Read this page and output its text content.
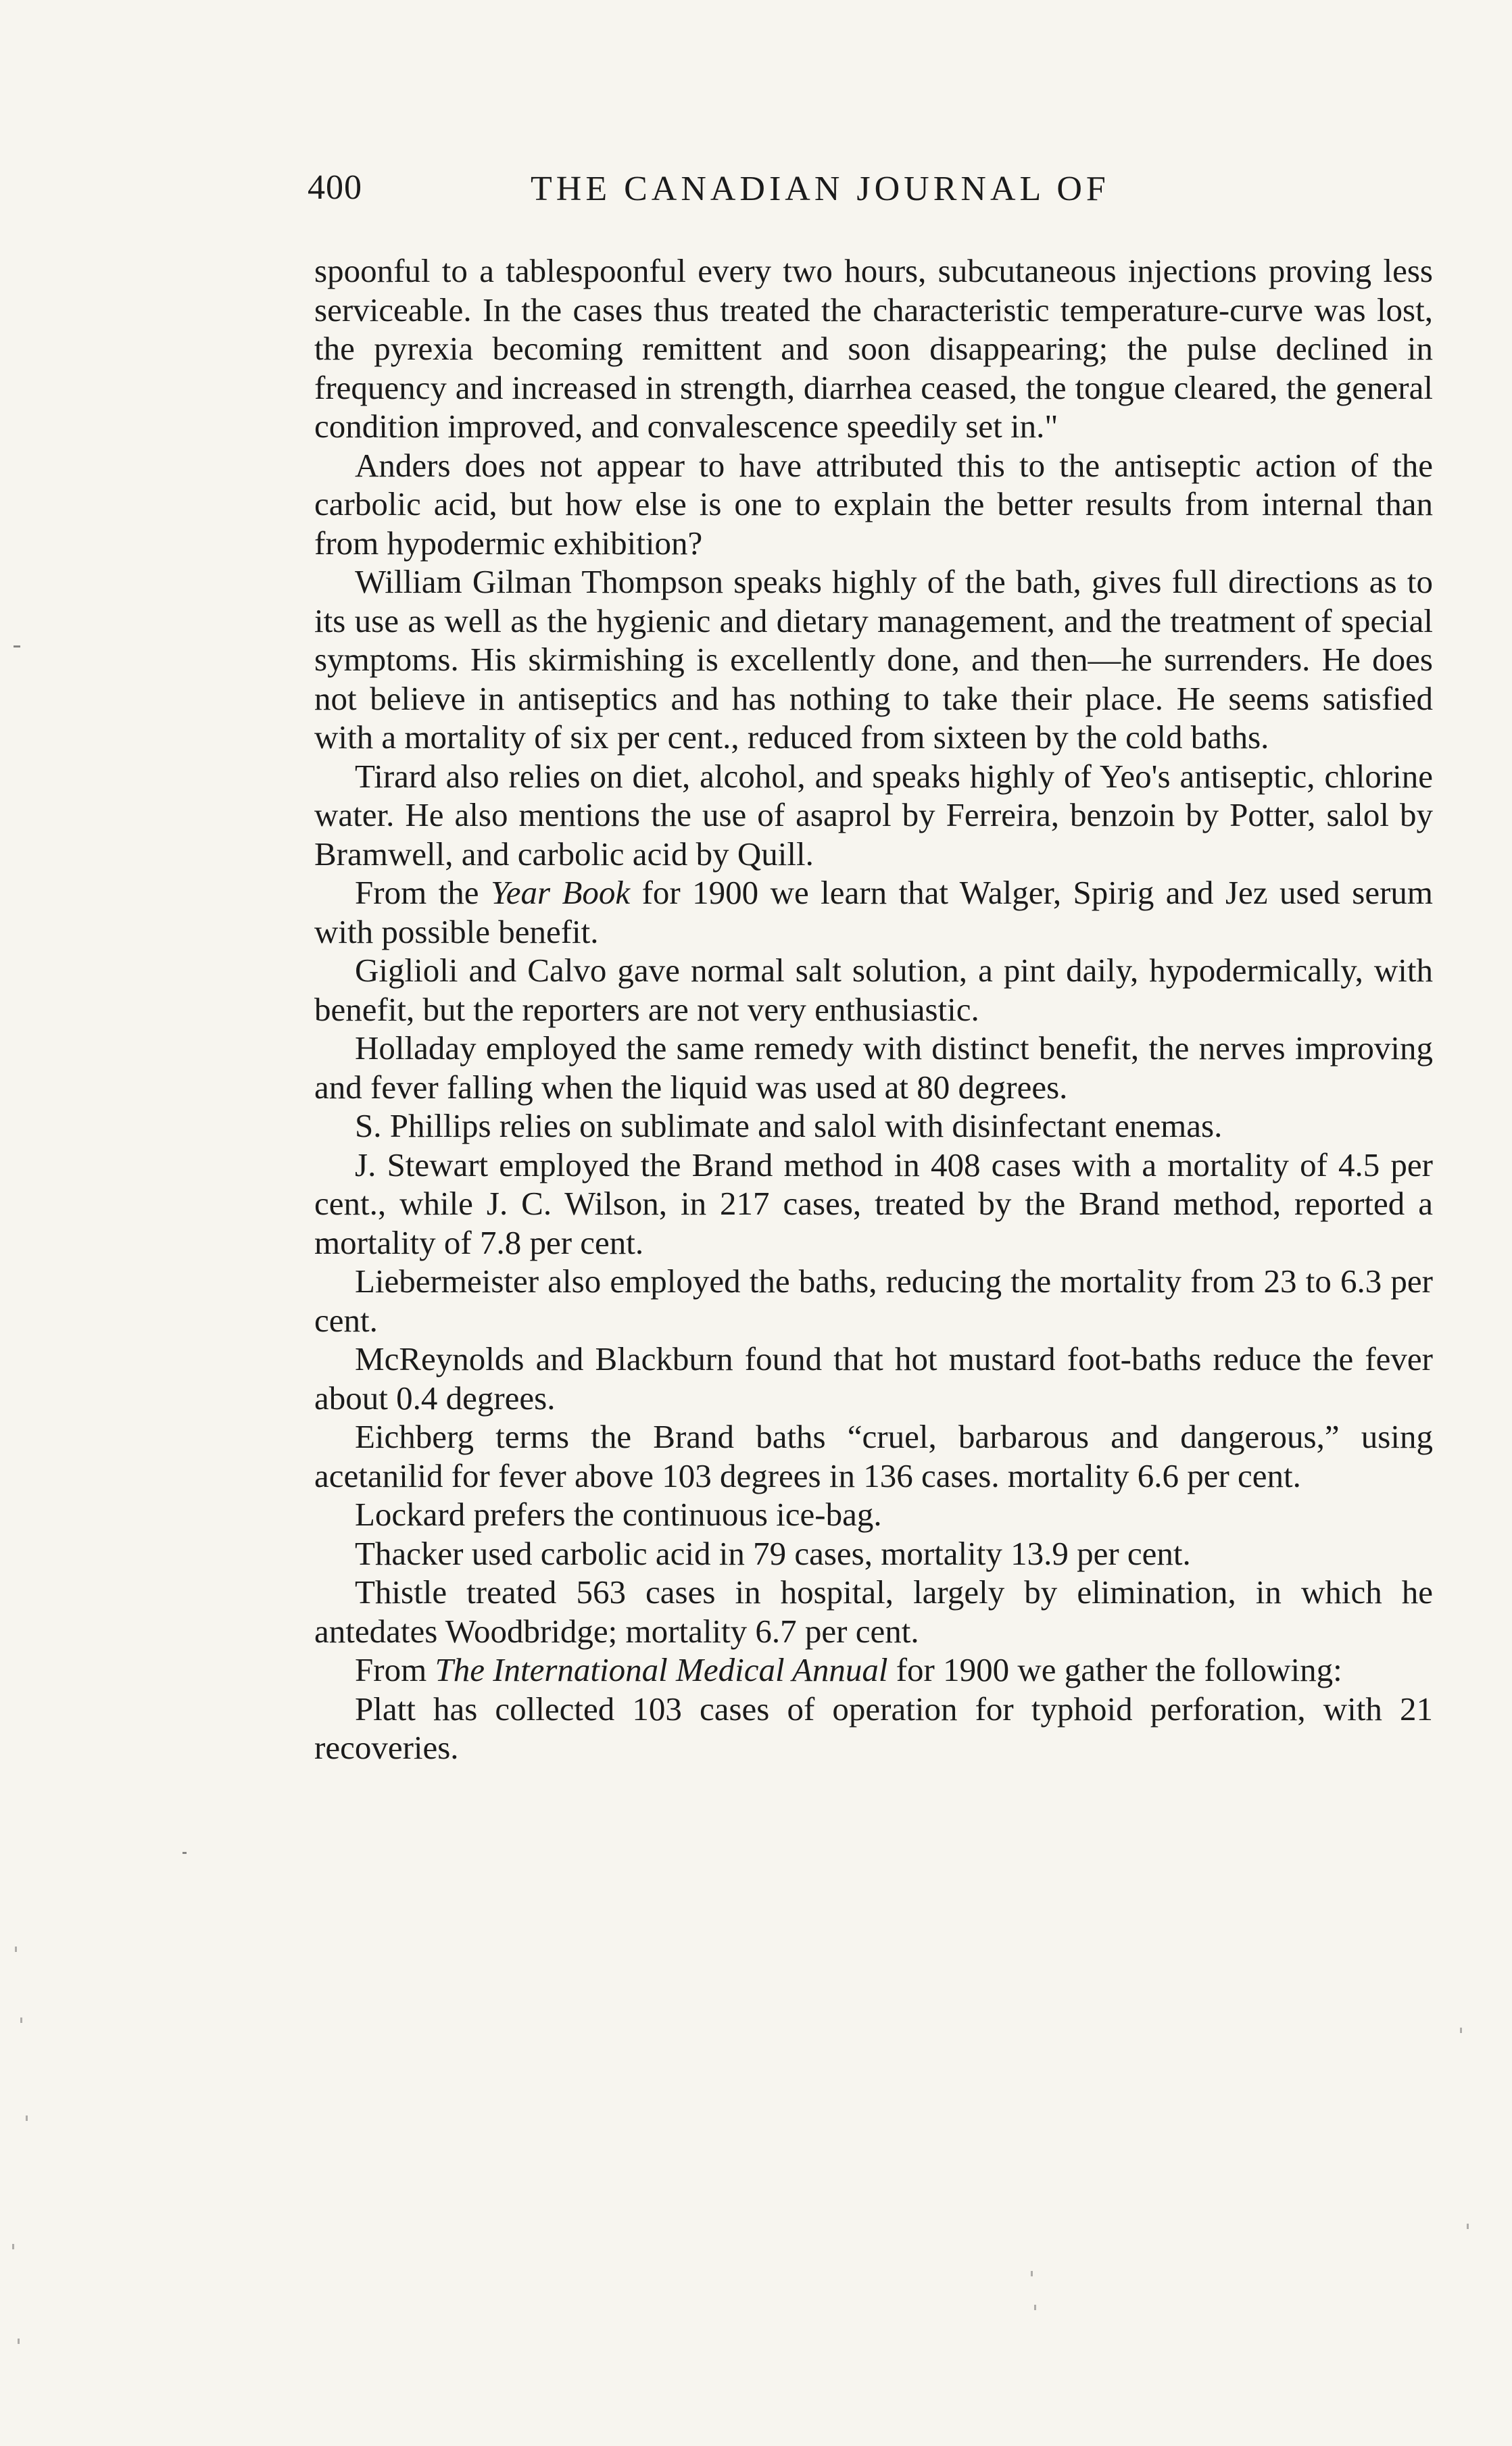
400	THE CANADIAN JOURNAL OF

spoonful to a tablespoonful every two hours, subcutaneous injections proving less serviceable. In the cases thus treated the characteristic temperature-curve was lost, the pyrexia becoming remittent and soon disappearing; the pulse declined in frequency and increased in strength, diarrhea ceased, the tongue cleared, the general condition improved, and convalescence speedily set in."

Anders does not appear to have attributed this to the antiseptic action of the carbolic acid, but how else is one to explain the better results from internal than from hypodermic exhibition?

William Gilman Thompson speaks highly of the bath, gives full directions as to its use as well as the hygienic and dietary management, and the treatment of special symptoms. His skirmishing is excellently done, and then—he surrenders. He does not believe in antiseptics and has nothing to take their place. He seems satisfied with a mortality of six per cent., reduced from sixteen by the cold baths.

Tirard also relies on diet, alcohol, and speaks highly of Yeo's antiseptic, chlorine water. He also mentions the use of asaprol by Ferreira, benzoin by Potter, salol by Bramwell, and carbolic acid by Quill.

From the Year Book for 1900 we learn that Walger, Spirig and Jez used serum with possible benefit.

Giglioli and Calvo gave normal salt solution, a pint daily, hypodermically, with benefit, but the reporters are not very enthusiastic.

Holladay employed the same remedy with distinct benefit, the nerves improving and fever falling when the liquid was used at 80 degrees.

S. Phillips relies on sublimate and salol with disinfectant enemas.

J. Stewart employed the Brand method in 408 cases with a mortality of 4.5 per cent., while J. C. Wilson, in 217 cases, treated by the Brand method, reported a mortality of 7.8 per cent.

Liebermeister also employed the baths, reducing the mortality from 23 to 6.3 per cent.

McReynolds and Blackburn found that hot mustard foot-baths reduce the fever about 0.4 degrees.

Eichberg terms the Brand baths “cruel, barbarous and dangerous,” using acetanilid for fever above 103 degrees in 136 cases. mortality 6.6 per cent.

Lockard prefers the continuous ice-bag.

Thacker used carbolic acid in 79 cases, mortality 13.9 per cent.

Thistle treated 563 cases in hospital, largely by elimination, in which he antedates Woodbridge; mortality 6.7 per cent.

From The International Medical Annual for 1900 we gather the following:

Platt has collected 103 cases of operation for typhoid perforation, with 21 recoveries.
